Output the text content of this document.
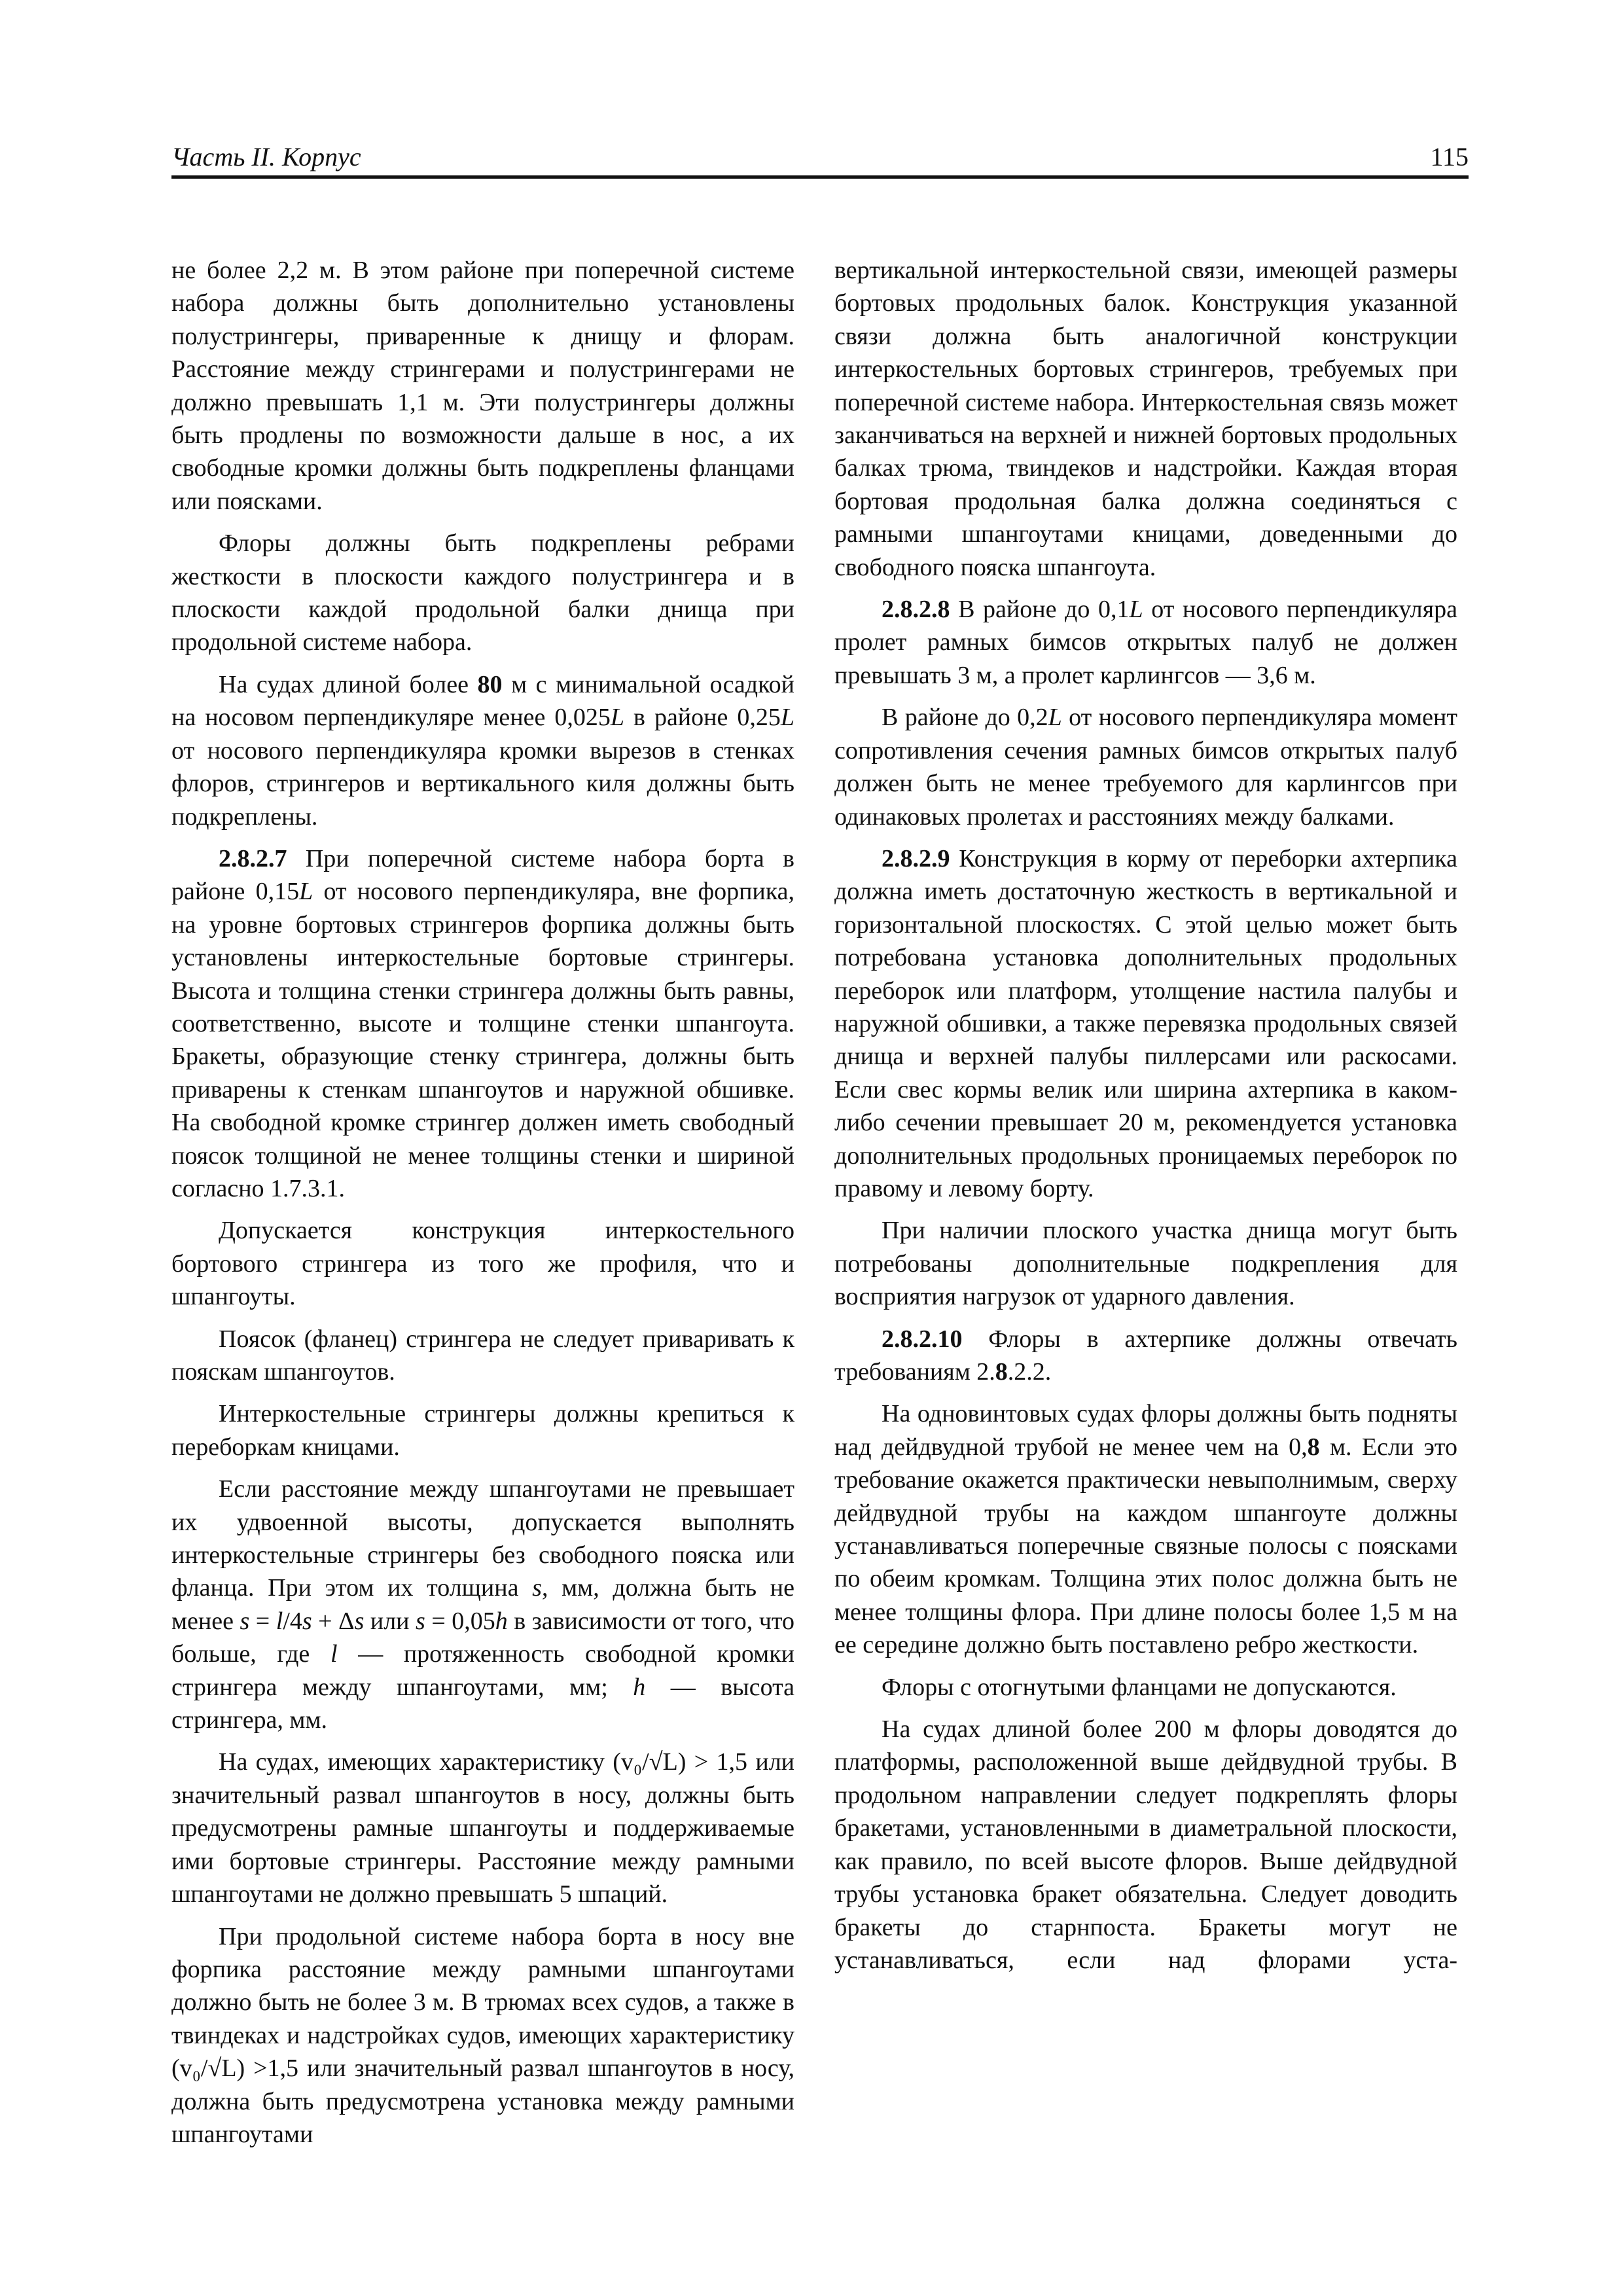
Часть II. Корпус	115

не более 2,2 м. В этом районе при поперечной системе набора должны быть дополнительно установлены полустрингеры, приваренные к днищу и флорам. Расстояние между стрингерами и полустрингерами не должно превышать 1,1 м. Эти полустрингеры должны быть продлены по возможности дальше в нос, а их свободные кромки должны быть подкреплены фланцами или поясками.

Флоры должны быть подкреплены ребрами жесткости в плоскости каждого полустрингера и в плоскости каждой продольной балки днища при продольной системе набора.

На судах длиной более 80 м с минимальной осадкой на носовом перпендикуляре менее 0,025L в районе 0,25L от носового перпендикуляра кромки вырезов в стенках флоров, стрингеров и вертикального киля должны быть подкреплены.

2.8.2.7 При поперечной системе набора борта в районе 0,15L от носового перпендикуляра, вне форпика, на уровне бортовых стрингеров форпика должны быть установлены интеркостельные бортовые стрингеры. Высота и толщина стенки стрингера должны быть равны, соответственно, высоте и толщине стенки шпангоута. Бракеты, образующие стенку стрингера, должны быть приварены к стенкам шпангоутов и наружной обшивке. На свободной кромке стрингер должен иметь свободный поясок толщиной не менее толщины стенки и шириной согласно 1.7.3.1.

Допускается конструкция интеркостельного бортового стрингера из того же профиля, что и шпангоуты.

Поясок (фланец) стрингера не следует приваривать к пояскам шпангоутов.

Интеркостельные стрингеры должны крепиться к переборкам кницами.

Если расстояние между шпангоутами не превышает их удвоенной высоты, допускается выполнять интеркостельные стрингеры без свободного пояска или фланца. При этом их толщина s, мм, должна быть не менее s = l/4s + Δs или s = 0,05h в зависимости от того, что больше, где l — протяженность свободной кромки стрингера между шпангоутами, мм; h — высота стрингера, мм.

На судах, имеющих характеристику (v₀/√L) > 1,5 или значительный развал шпангоутов в носу, должны быть предусмотрены рамные шпангоуты и поддерживаемые ими бортовые стрингеры. Расстояние между рамными шпангоутами не должно превышать 5 шпаций.

При продольной системе набора борта в носу вне форпика расстояние между рамными шпангоутами должно быть не более 3 м. В трюмах всех судов, а также в твиндеках и надстройках судов, имеющих характеристику (v₀/√L) >1,5 или значительный развал шпангоутов в носу, должна быть предусмотрена установка между рамными шпангоутами

вертикальной интеркостельной связи, имеющей размеры бортовых продольных балок. Конструкция указанной связи должна быть аналогичной конструкции интеркостельных бортовых стрингеров, требуемых при поперечной системе набора. Интеркостельная связь может заканчиваться на верхней и нижней бортовых продольных балках трюма, твиндеков и надстройки. Каждая вторая бортовая продольная балка должна соединяться с рамными шпангоутами кницами, доведенными до свободного пояска шпангоута.

2.8.2.8 В районе до 0,1L от носового перпендикуляра пролет рамных бимсов открытых палуб не должен превышать 3 м, а пролет карлингсов — 3,6 м.

В районе до 0,2L от носового перпендикуляра момент сопротивления сечения рамных бимсов открытых палуб должен быть не менее требуемого для карлингсов при одинаковых пролетах и расстояниях между балками.

2.8.2.9 Конструкция в корму от переборки ахтерпика должна иметь достаточную жесткость в вертикальной и горизонтальной плоскостях. С этой целью может быть потребована установка дополнительных продольных переборок или платформ, утолщение настила палубы и наружной обшивки, а также перевязка продольных связей днища и верхней палубы пиллерсами или раскосами. Если свес кормы велик или ширина ахтерпика в каком-либо сечении превышает 20 м, рекомендуется установка дополнительных продольных проницаемых переборок по правому и левому борту.

При наличии плоского участка днища могут быть потребованы дополнительные подкрепления для восприятия нагрузок от ударного давления.

2.8.2.10 Флоры в ахтерпике должны отвечать требованиям 2.8.2.2.

На одновинтовых судах флоры должны быть подняты над дейдвудной трубой не менее чем на 0,8 м. Если это требование окажется практически невыполнимым, сверху дейдвудной трубы на каждом шпангоуте должны устанавливаться поперечные связные полосы с поясками по обеим кромкам. Толщина этих полос должна быть не менее толщины флора. При длине полосы более 1,5 м на ее середине должно быть поставлено ребро жесткости.

Флоры с отогнутыми фланцами не допускаются.

На судах длиной более 200 м флоры доводятся до платформы, расположенной выше дейдвудной трубы. В продольном направлении следует подкреплять флоры бракетами, установленными в диаметральной плоскости, как правило, по всей высоте флоров. Выше дейдвудной трубы установка бракет обязательна. Следует доводить бракеты до старнпоста. Бракеты могут не устанавливаться, если над флорами уста-
